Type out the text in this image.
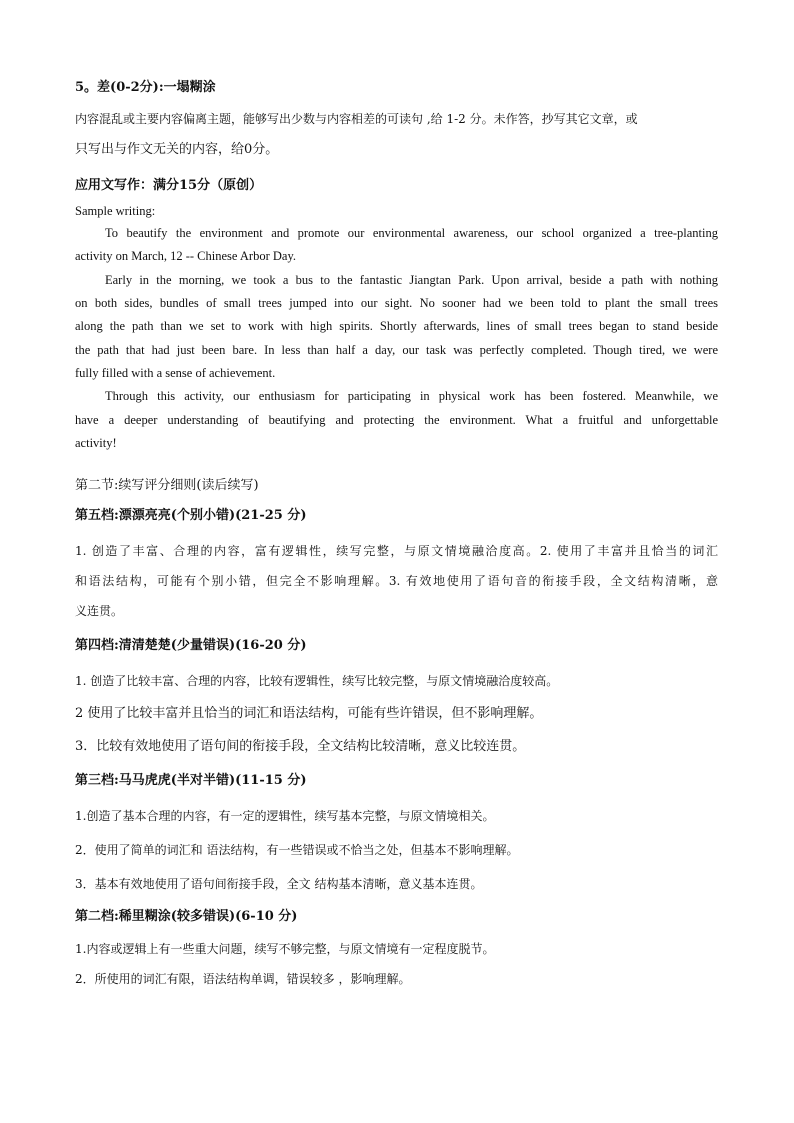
5。差(0-2分):一塌糊涂
内容混乱或主要内容偏离主题，能够写出少数与内容相差的可读句 ,给 1-2 分。未作答，抄写其它文章，或
只写出与作文无关的内容，给0分。
应用文写作：满分15分（原创）
Sample writing:
To beautify the environment and promote our environmental awareness, our school organized a tree-planting
activity on March, 12 -- Chinese Arbor Day.
Early in the morning, we took a bus to the fantastic Jiangtan Park. Upon arrival, beside a path with nothing
on both sides, bundles of small trees jumped into our sight. No sooner had we been told to plant the small trees
along the path than we set to work with high spirits. Shortly afterwards, lines of small trees began to stand beside
the path that had just been bare. In less than half a day, our task was perfectly completed. Though tired, we were
fully filled with a sense of achievement.
Through this activity, our enthusiasm for participating in physical work has been fostered. Meanwhile, we
have a deeper understanding of beautifying and protecting the environment. What a fruitful and unforgettable
activity!
第二节:续写评分细则(读后续写)
第五档:漂漂亮亮(个别小错)(21-25 分)
1. 创造了丰富、合理的内容，富有逻辑性，续写完整，与原文情境融洽度高。2. 使用了丰富并且恰当的词汇
和语法结构，可能有个别小错，但完全不影响理解。3. 有效地使用了语句音的衔接手段，全文结构清晰，意
义连贯。
第四档:清清楚楚(少量错误)(16-20 分)
1. 创造了比较丰富、合理的内容，比较有逻辑性，续写比较完整，与原文情境融洽度较高。
2 使用了比较丰富并且恰当的词汇和语法结构，可能有些许错误，但不影响理解。
3．比较有效地使用了语句间的衔接手段，全文结构比较清晰，意义比较连贯。
第三档:马马虎虎(半对半错)(11-15 分)
1.创造了基本合理的内容，有一定的逻辑性，续写基本完整，与原文情境相关。
2．使用了简单的词汇和 语法结构，有一些错误或不恰当之处，但基本不影响理解。
3．基本有效地使用了语句间衔接手段，全文 结构基本清晰，意义基本连贯。
第二档:稀里糊涂(较多错误)(6-10 分)
1.内容或逻辑上有一些重大问题，续写不够完整，与原文情境有一定程度脱节。
2．所使用的词汇有限，语法结构单调，错误较多 ，影响理解。
